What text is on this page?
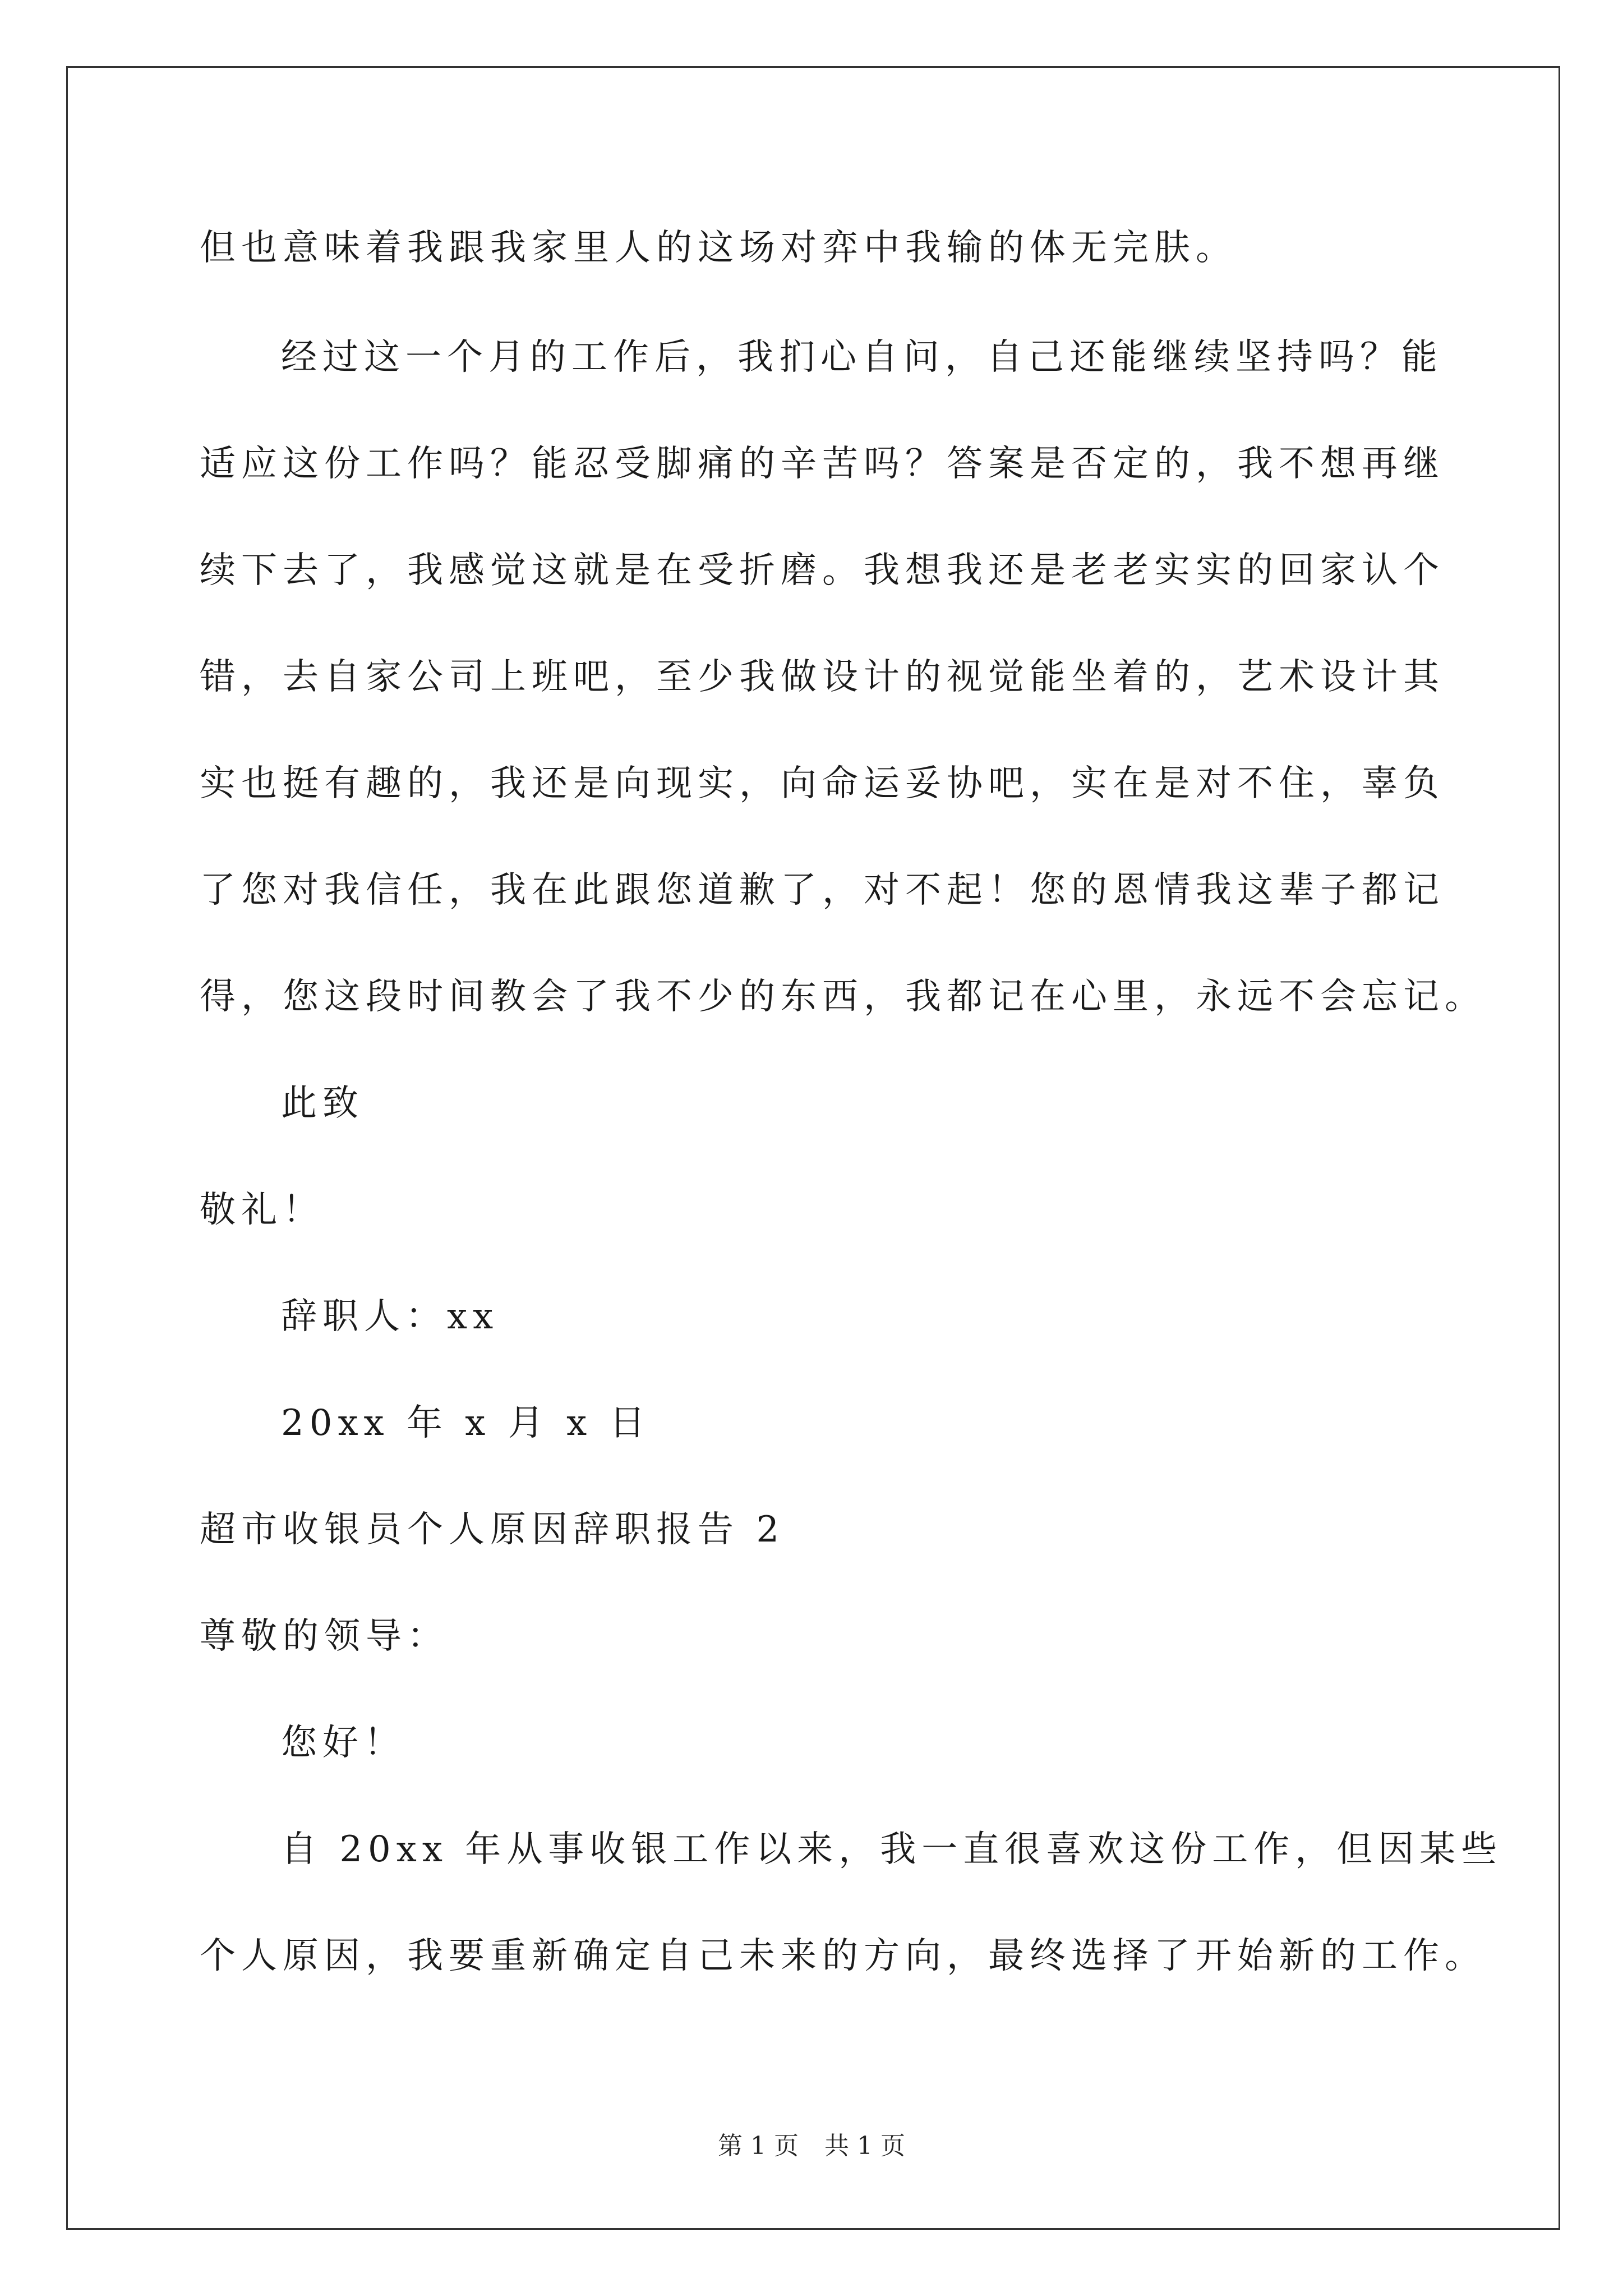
但也意味着我跟我家里人的这场对弈中我输的体无完肤。
经过这一个月的工作后，我扪心自问，自己还能继续坚持吗？能
适应这份工作吗？能忍受脚痛的辛苦吗？答案是否定的，我不想再继
续下去了，我感觉这就是在受折磨。我想我还是老老实实的回家认个
错，去自家公司上班吧，至少我做设计的视觉能坐着的，艺术设计其
实也挺有趣的，我还是向现实，向命运妥协吧，实在是对不住，辜负
了您对我信任，我在此跟您道歉了，对不起！您的恩情我这辈子都记
得，您这段时间教会了我不少的东西，我都记在心里，永远不会忘记。
此致
敬礼！
辞职人：xx
20xx 年 x 月 x 日
超市收银员个人原因辞职报告 2
尊敬的领导：
您好！
自 20xx 年从事收银工作以来，我一直很喜欢这份工作，但因某些
个人原因，我要重新确定自己未来的方向，最终选择了开始新的工作。
第 1 页 共 1 页
